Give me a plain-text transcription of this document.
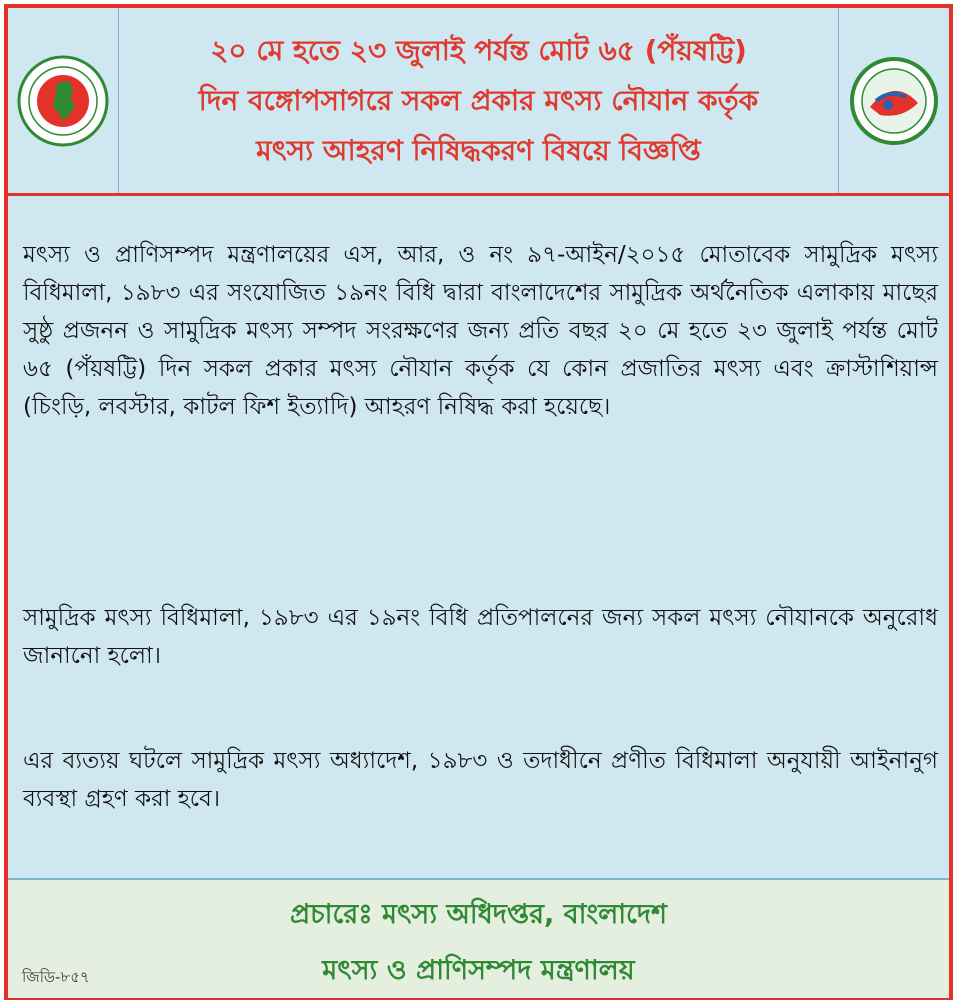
২০ মে হতে ২৩ জুলাই পর্যন্ত মোট ৬৫ (পঁয়ষট্টি)
দিন বঙ্গোপসাগরে সকল প্রকার মৎস্য নৌযান কর্তৃক
মৎস্য আহরণ নিষিদ্ধকরণ বিষয়ে বিজ্ঞপ্তি

মৎস্য ও প্রাণিসম্পদ মন্ত্রণালয়ের এস, আর, ও নং ৯৭-আইন/২০১৫ মোতাবেক সামুদ্রিক মৎস্য বিধিমালা, ১৯৮৩ এর সংযোজিত ১৯নং বিধি দ্বারা বাংলাদেশের সামুদ্রিক অর্থনৈতিক এলাকায় মাছের সুষ্ঠু প্রজনন ও সামুদ্রিক মৎস্য সম্পদ সংরক্ষণের জন্য প্রতি বছর ২০ মে হতে ২৩ জুলাই পর্যন্ত মোট ৬৫ (পঁয়ষট্টি) দিন সকল প্রকার মৎস্য নৌযান কর্তৃক যে কোন প্রজাতির মৎস্য এবং ক্রাস্টাশিয়ান্স (চিংড়ি, লবস্টার, কাটল ফিশ ইত্যাদি) আহরণ নিষিদ্ধ করা হয়েছে।

সামুদ্রিক মৎস্য বিধিমালা, ১৯৮৩ এর ১৯নং বিধি প্রতিপালনের জন্য সকল মৎস্য নৌযানকে অনুরোধ জানানো হলো।

এর ব্যত্যয় ঘটলে সামুদ্রিক মৎস্য অধ্যাদেশ, ১৯৮৩ ও তদাধীনে প্রণীত বিধিমালা অনুযায়ী আইনানুগ ব্যবস্থা গ্রহণ করা হবে।

প্রচারেঃ মৎস্য অধিদপ্তর, বাংলাদেশ
মৎস্য ও প্রাণিসম্পদ মন্ত্রণালয়
জিডি-৮৫৭
